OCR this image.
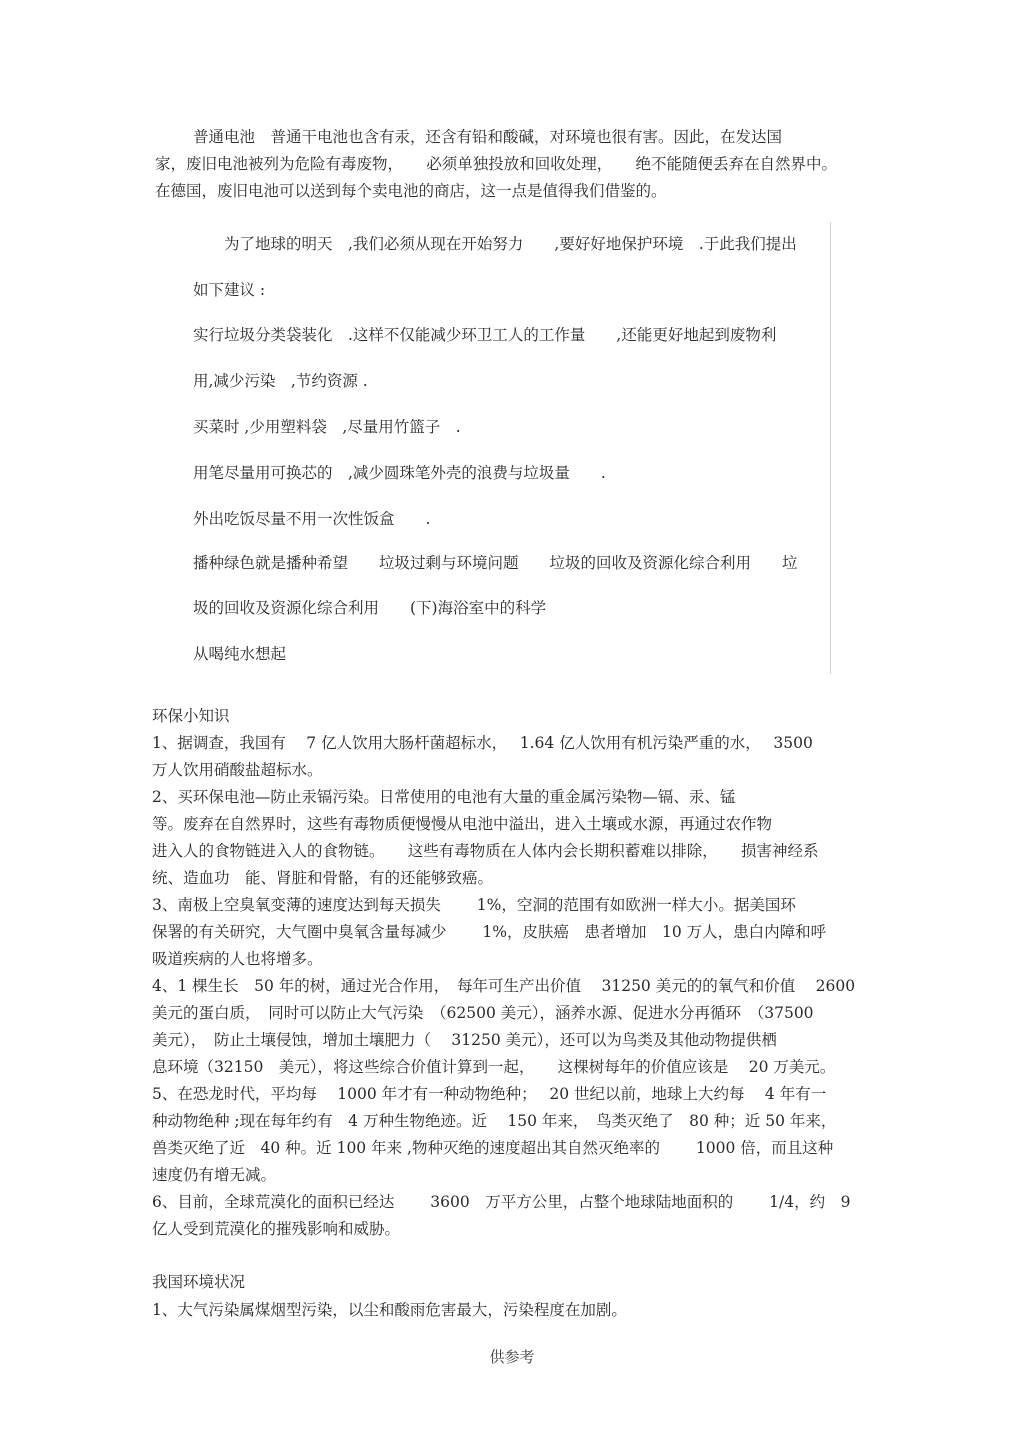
普通电池　普通干电池也含有汞，还含有铅和酸碱，对环境也很有害。因此，在发达国
家，废旧电池被列为危险有毒废物，　　必须单独投放和回收处理，　　绝不能随便丢弃在自然界中。
在德国，废旧电池可以送到每个卖电池的商店，这一点是值得我们借鉴的。
　　为了地球的明天　,我们必须从现在开始努力　　,要好好地保护环境　.于此我们提出
如下建议 :
实行垃圾分类袋装化　.这样不仅能减少环卫工人的工作量　　,还能更好地起到废物利
用,减少污染　,节约资源 .
买菜时 ,少用塑料袋　,尽量用竹篮子　.
用笔尽量用可换芯的　,减少圆珠笔外壳的浪费与垃圾量　　.
外出吃饭尽量不用一次性饭盒　　.
播种绿色就是播种希望　　垃圾过剩与环境问题　　垃圾的回收及资源化综合利用　　垃
圾的回收及资源化综合利用　　(下)海浴室中的科学
从喝纯水想起
环保小知识
1、据调查，我国有　 7 亿人饮用大肠杆菌超标水，　 1.64 亿人饮用有机污染严重的水，　 3500
万人饮用硝酸盐超标水。
2、买环保电池—防止汞镉污染。日常使用的电池有大量的重金属污染物—镉、汞、锰
等。废弃在自然界时，这些有毒物质便慢慢从电池中溢出，进入土壤或水源，再通过农作物
进入人的食物链进入人的食物链。　　这些有毒物质在人体内会长期积蓄难以排除，　　损害神经系
统、造血功　能、肾脏和骨骼，有的还能够致癌。
3、南极上空臭氧变薄的速度达到每天损失　　 1%，空洞的范围有如欧洲一样大小。据美国环
保署的有关研究，大气圈中臭氧含量每减少　　 1%，皮肤癌　患者增加　10 万人，患白内障和呼
吸道疾病的人也将增多。
4、1 棵生长　50 年的树，通过光合作用，　每年可生产出价值　 31250 美元的的氧气和价值　 2600
美元的蛋白质，　同时可以防止大气污染　（62500 美元），涵养水源、促进水分再循环　（37500
美元），　防止土壤侵蚀，增加土壤肥力（　 31250 美元），还可以为鸟类及其他动物提供栖
息环境（32150　美元），将这些综合价值计算到一起，　　这棵树每年的价值应该是　 20 万美元。
5、在恐龙时代，平均每　 1000 年才有一种动物绝种；　 20 世纪以前，地球上大约每　 4 年有一
种动物绝种 ;现在每年约有　4 万种生物绝迹。近　 150 年来，　鸟类灭绝了　80 种；近 50 年来，
兽类灭绝了近　40 种。近 100 年来 ,物种灭绝的速度超出其自然灭绝率的　　 1000 倍，而且这种
速度仍有增无减。
6、目前，全球荒漠化的面积已经达　　 3600　万平方公里，占整个地球陆地面积的　　 1/4，约　9
亿人受到荒漠化的摧残影响和威胁。
我国环境状况
1、大气污染属煤烟型污染，以尘和酸雨危害最大，污染程度在加剧。
供参考
